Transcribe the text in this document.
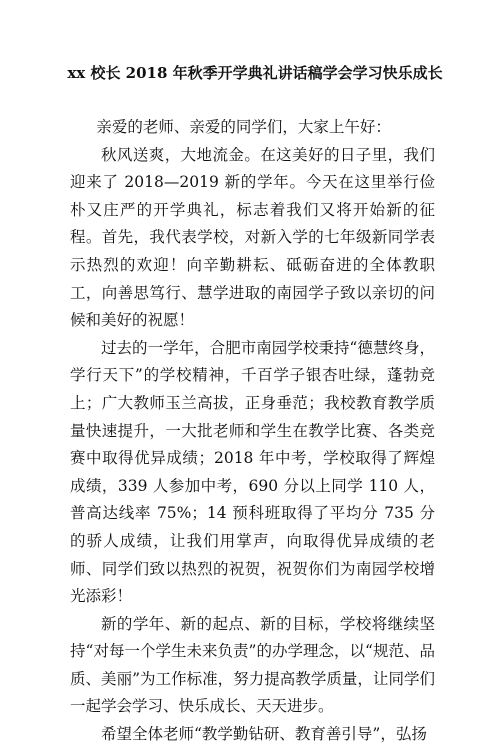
xx 校长 2018 年秋季开学典礼讲话稿学会学习快乐成长

亲爱的老师、亲爱的同学们，大家上午好：

秋风送爽，大地流金。在这美好的日子里，我们迎来了 2018—2019 新的学年。今天在这里举行俭朴又庄严的开学典礼，标志着我们又将开始新的征程。首先，我代表学校，对新入学的七年级新同学表示热烈的欢迎！向辛勤耕耘、砥砺奋进的全体教职工，向善思笃行、慧学进取的南园学子致以亲切的问候和美好的祝愿！

过去的一学年，合肥市南园学校秉持“德慧终身，学行天下”的学校精神，千百学子银杏吐绿，蓬勃竞上；广大教师玉兰高拔，正身垂范；我校教育教学质量快速提升，一大批老师和学生在教学比赛、各类竞赛中取得优异成绩；2018 年中考，学校取得了辉煌成绩，339 人参加中考，690 分以上同学 110 人，普高达线率 75%；14 预科班取得了平均分 735 分的骄人成绩，让我们用掌声，向取得优异成绩的老师、同学们致以热烈的祝贺，祝贺你们为南园学校增光添彩！

新的学年、新的起点、新的目标，学校将继续坚持“对每一个学生未来负责”的办学理念，以“规范、品质、美丽”为工作标准，努力提高教学质量，让同学们一起学会学习、快乐成长、天天进步。

希望全体老师“教学勤钻研、教育善引导”，弘扬
